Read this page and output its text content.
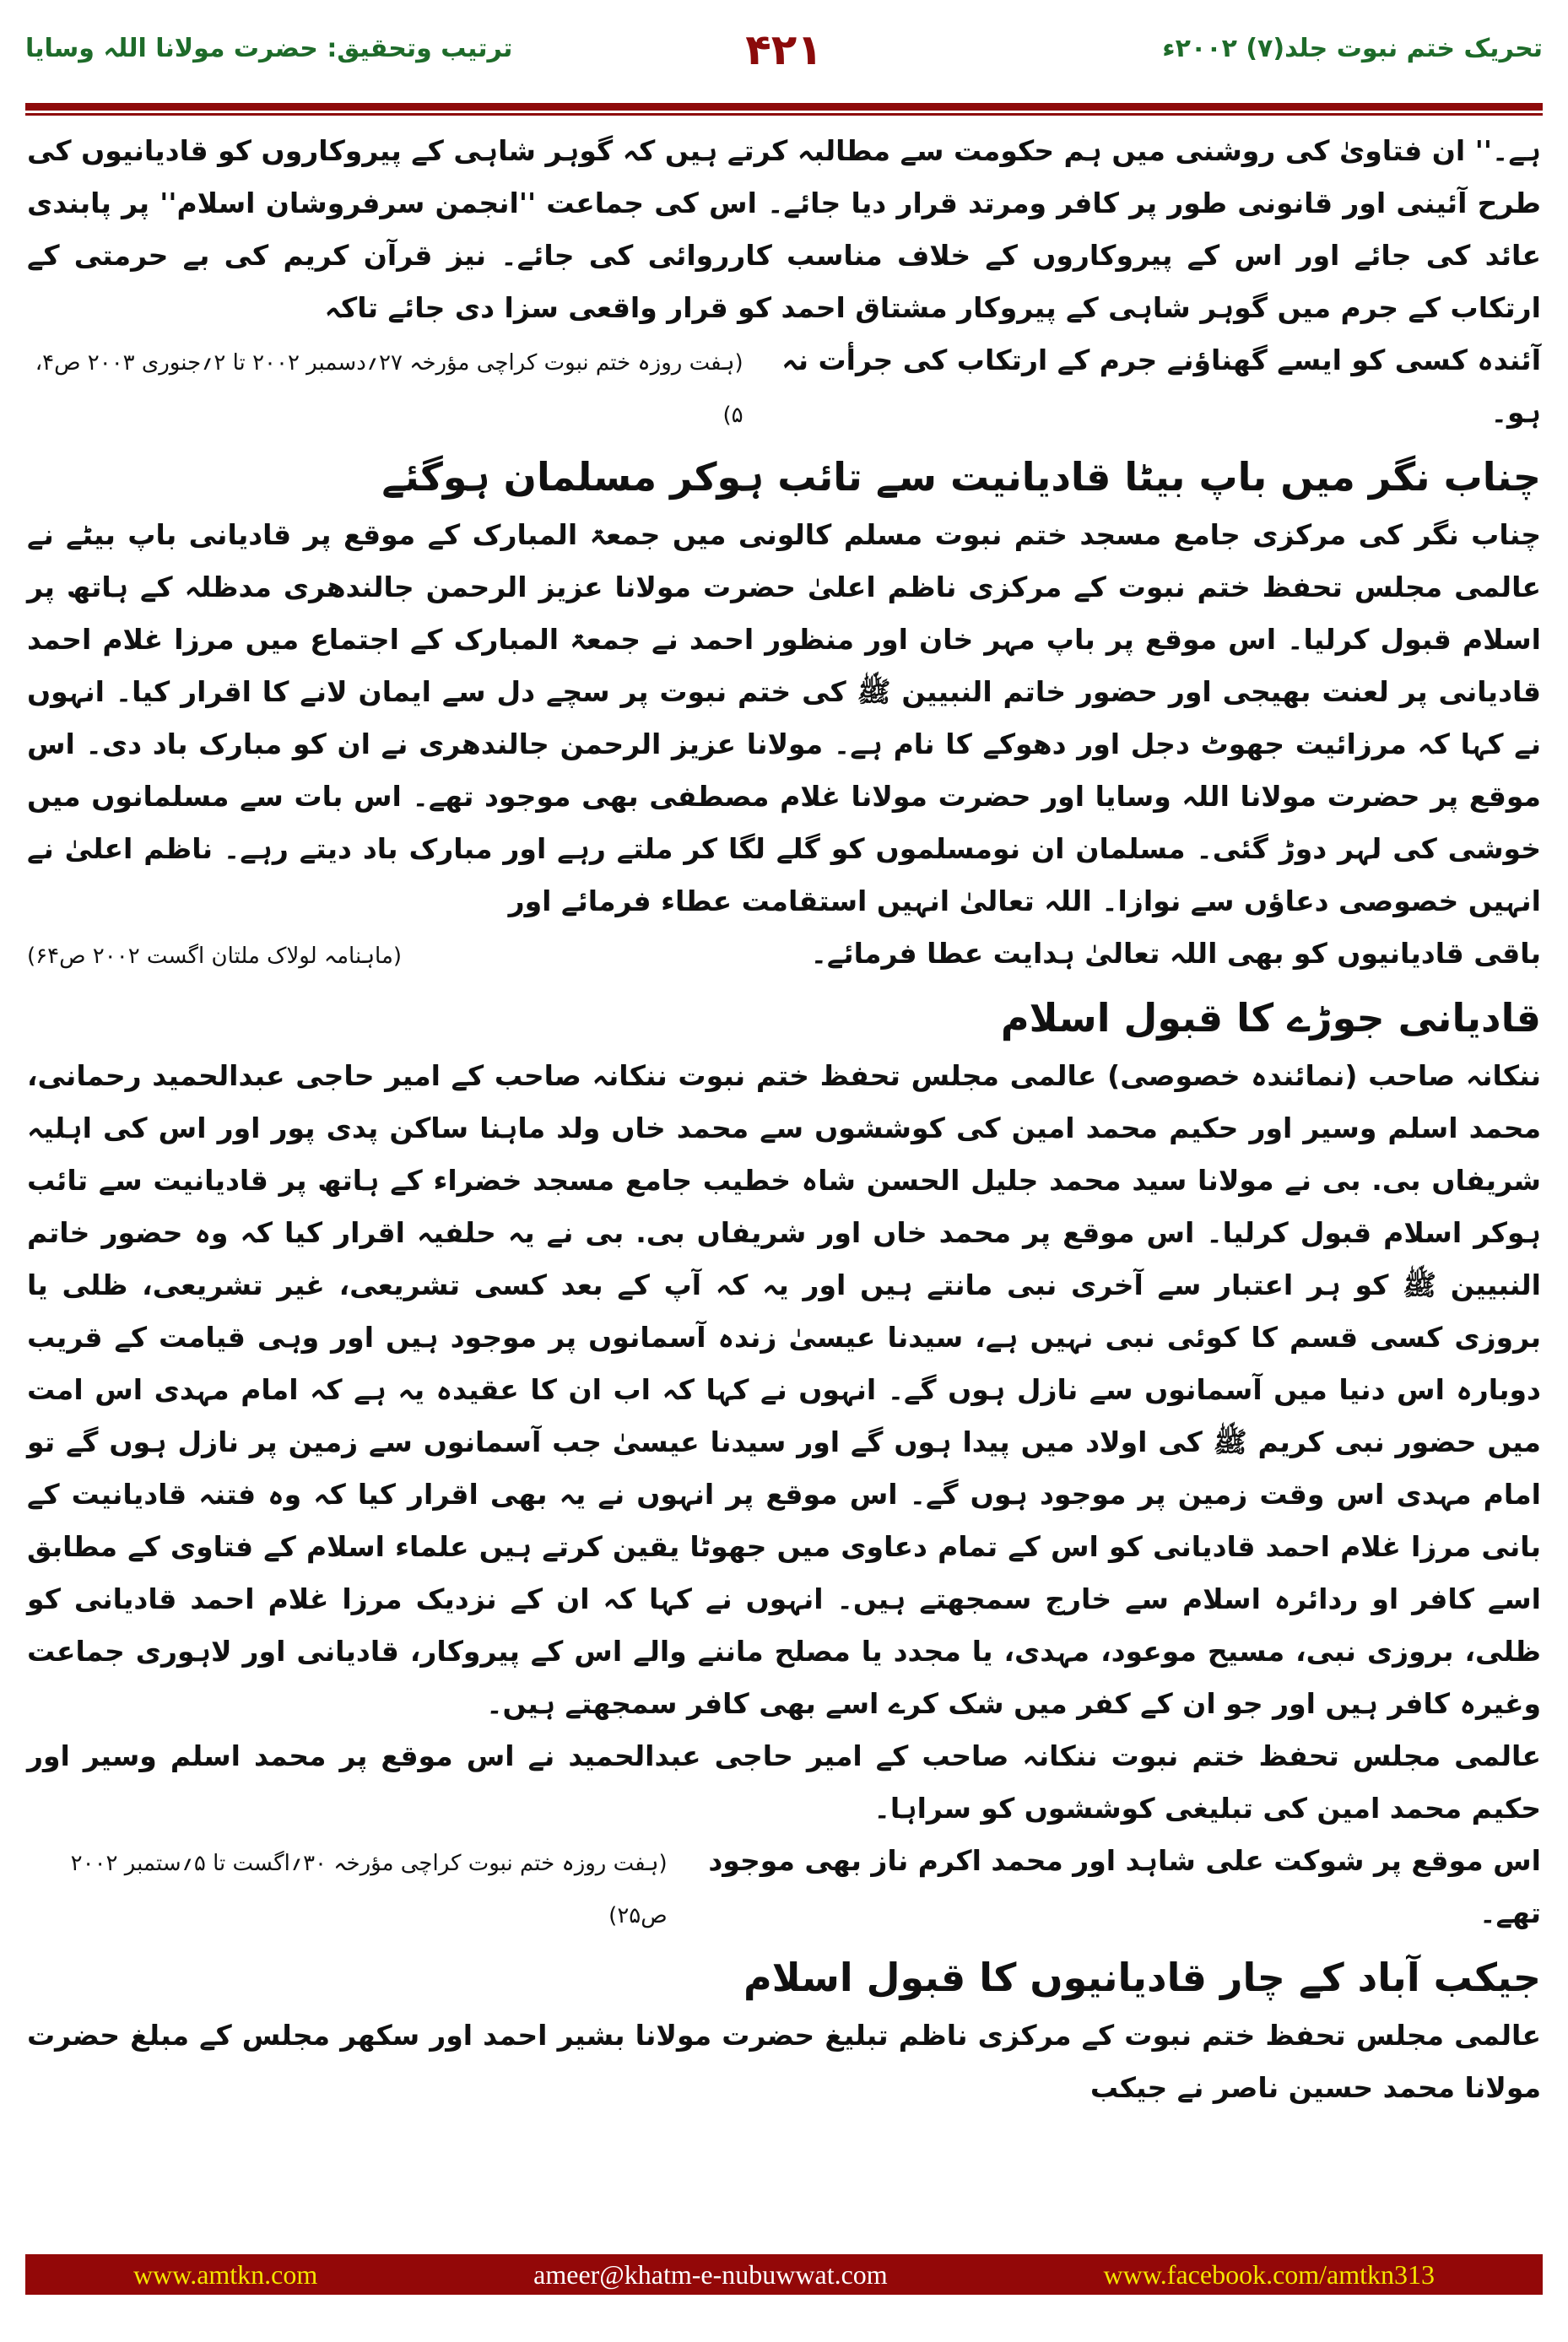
ترتیب وتحقیق: حضرت مولانا اللہ وسایا	۴۲۱	تحریک ختم نبوت جلد(۷) ۲۰۰۲ء

ہے۔'' ان فتاویٰ کی روشنی میں ہم حکومت سے مطالبہ کرتے ہیں کہ گوہر شاہی کے پیروکاروں کو قادیانیوں کی طرح آئینی اور قانونی طور پر کافر ومرتد قرار دیا جائے۔ اس کی جماعت ''انجمن سرفروشان اسلام'' پر پابندی عائد کی جائے اور اس کے پیروکاروں کے خلاف مناسب کارروائی کی جائے۔ نیز قرآن کریم کی بے حرمتی کے ارتکاب کے جرم میں گوہر شاہی کے پیروکار مشتاق احمد کو قرار واقعی سزا دی جائے تاکہ

آئندہ کسی کو ایسے گھناؤنے جرم کے ارتکاب کی جرأت نہ ہو۔
(ہفت روزہ ختم نبوت کراچی مؤرخہ ۲۷؍دسمبر ۲۰۰۲ تا ۲؍جنوری ۲۰۰۳ ص۴، ۵)
چناب نگر میں باپ بیٹا قادیانیت سے تائب ہوکر مسلمان ہوگئے

چناب نگر کی مرکزی جامع مسجد ختم نبوت مسلم کالونی میں جمعۃ المبارک کے موقع پر قادیانی باپ بیٹے نے عالمی مجلس تحفظ ختم نبوت کے مرکزی ناظم اعلیٰ حضرت مولانا عزیز الرحمن جالندھری مدظلہ کے ہاتھ پر اسلام قبول کرلیا۔ اس موقع پر باپ مہر خان اور منظور احمد نے جمعۃ المبارک کے اجتماع میں مرزا غلام احمد قادیانی پر لعنت بھیجی اور حضور خاتم النبیین ﷺ کی ختم نبوت پر سچے دل سے ایمان لانے کا اقرار کیا۔ انہوں نے کہا کہ مرزائیت جھوٹ دجل اور دھوکے کا نام ہے۔ مولانا عزیز الرحمن جالندھری نے ان کو مبارک باد دی۔ اس موقع پر حضرت مولانا اللہ وسایا اور حضرت مولانا غلام مصطفی بھی موجود تھے۔ اس بات سے مسلمانوں میں خوشی کی لہر دوڑ گئی۔ مسلمان ان نومسلموں کو گلے لگا کر ملتے رہے اور مبارک باد دیتے رہے۔ ناظم اعلیٰ نے انہیں خصوصی دعاؤں سے نوازا۔ اللہ تعالیٰ انہیں استقامت عطاء فرمائے اور

باقی قادیانیوں کو بھی اللہ تعالیٰ ہدایت عطا فرمائے۔
(ماہنامہ لولاک ملتان اگست ۲۰۰۲ ص۶۴)
قادیانی جوڑے کا قبول اسلام

ننکانہ صاحب (نمائندہ خصوصی) عالمی مجلس تحفظ ختم نبوت ننکانہ صاحب کے امیر حاجی عبدالحمید رحمانی، محمد اسلم وسیر اور حکیم محمد امین کی کوششوں سے محمد خاں ولد ماہنا ساکن پدی پور اور اس کی اہلیہ شریفاں بی. بی نے مولانا سید محمد جلیل الحسن شاہ خطیب جامع مسجد خضراء کے ہاتھ پر قادیانیت سے تائب ہوکر اسلام قبول کرلیا۔ اس موقع پر محمد خاں اور شریفاں بی. بی نے یہ حلفیہ اقرار کیا کہ وہ حضور خاتم النبیین ﷺ کو ہر اعتبار سے آخری نبی مانتے ہیں اور یہ کہ آپ کے بعد کسی تشریعی، غیر تشریعی، ظلی یا بروزی کسی قسم کا کوئی نبی نہیں ہے، سیدنا عیسیٰ زندہ آسمانوں پر موجود ہیں اور وہی قیامت کے قریب دوبارہ اس دنیا میں آسمانوں سے نازل ہوں گے۔ انہوں نے کہا کہ اب ان کا عقیدہ یہ ہے کہ امام مہدی اس امت میں حضور نبی کریم ﷺ کی اولاد میں پیدا ہوں گے اور سیدنا عیسیٰ جب آسمانوں سے زمین پر نازل ہوں گے تو امام مہدی اس وقت زمین پر موجود ہوں گے۔ اس موقع پر انہوں نے یہ بھی اقرار کیا کہ وہ فتنہ قادیانیت کے بانی مرزا غلام احمد قادیانی کو اس کے تمام دعاوی میں جھوٹا یقین کرتے ہیں علماء اسلام کے فتاوی کے مطابق اسے کافر او ردائرہ اسلام سے خارج سمجھتے ہیں۔ انہوں نے کہا کہ ان کے نزدیک مرزا غلام احمد قادیانی کو ظلی، بروزی نبی، مسیح موعود، مہدی، یا مجدد یا مصلح ماننے والے اس کے پیروکار، قادیانی اور لاہوری جماعت وغیرہ کافر ہیں اور جو ان کے کفر میں شک کرے اسے بھی کافر سمجھتے ہیں۔

عالمی مجلس تحفظ ختم نبوت ننکانہ صاحب کے امیر حاجی عبدالحمید نے اس موقع پر محمد اسلم وسیر اور حکیم محمد امین کی تبلیغی کوششوں کو سراہا۔

اس موقع پر شوکت علی شاہد اور محمد اکرم ناز بھی موجود تھے۔
(ہفت روزہ ختم نبوت کراچی مؤرخہ ۳۰؍اگست تا ۵؍ستمبر ۲۰۰۲ ص۲۵)
جیکب آباد کے چار قادیانیوں کا قبول اسلام

عالمی مجلس تحفظ ختم نبوت کے مرکزی ناظم تبلیغ حضرت مولانا بشیر احمد اور سکھر مجلس کے مبلغ حضرت مولانا محمد حسین ناصر نے جیکب

www.amtkn.com	ameer@khatm-e-nubuwwat.com	www.facebook.com/amtkn313
